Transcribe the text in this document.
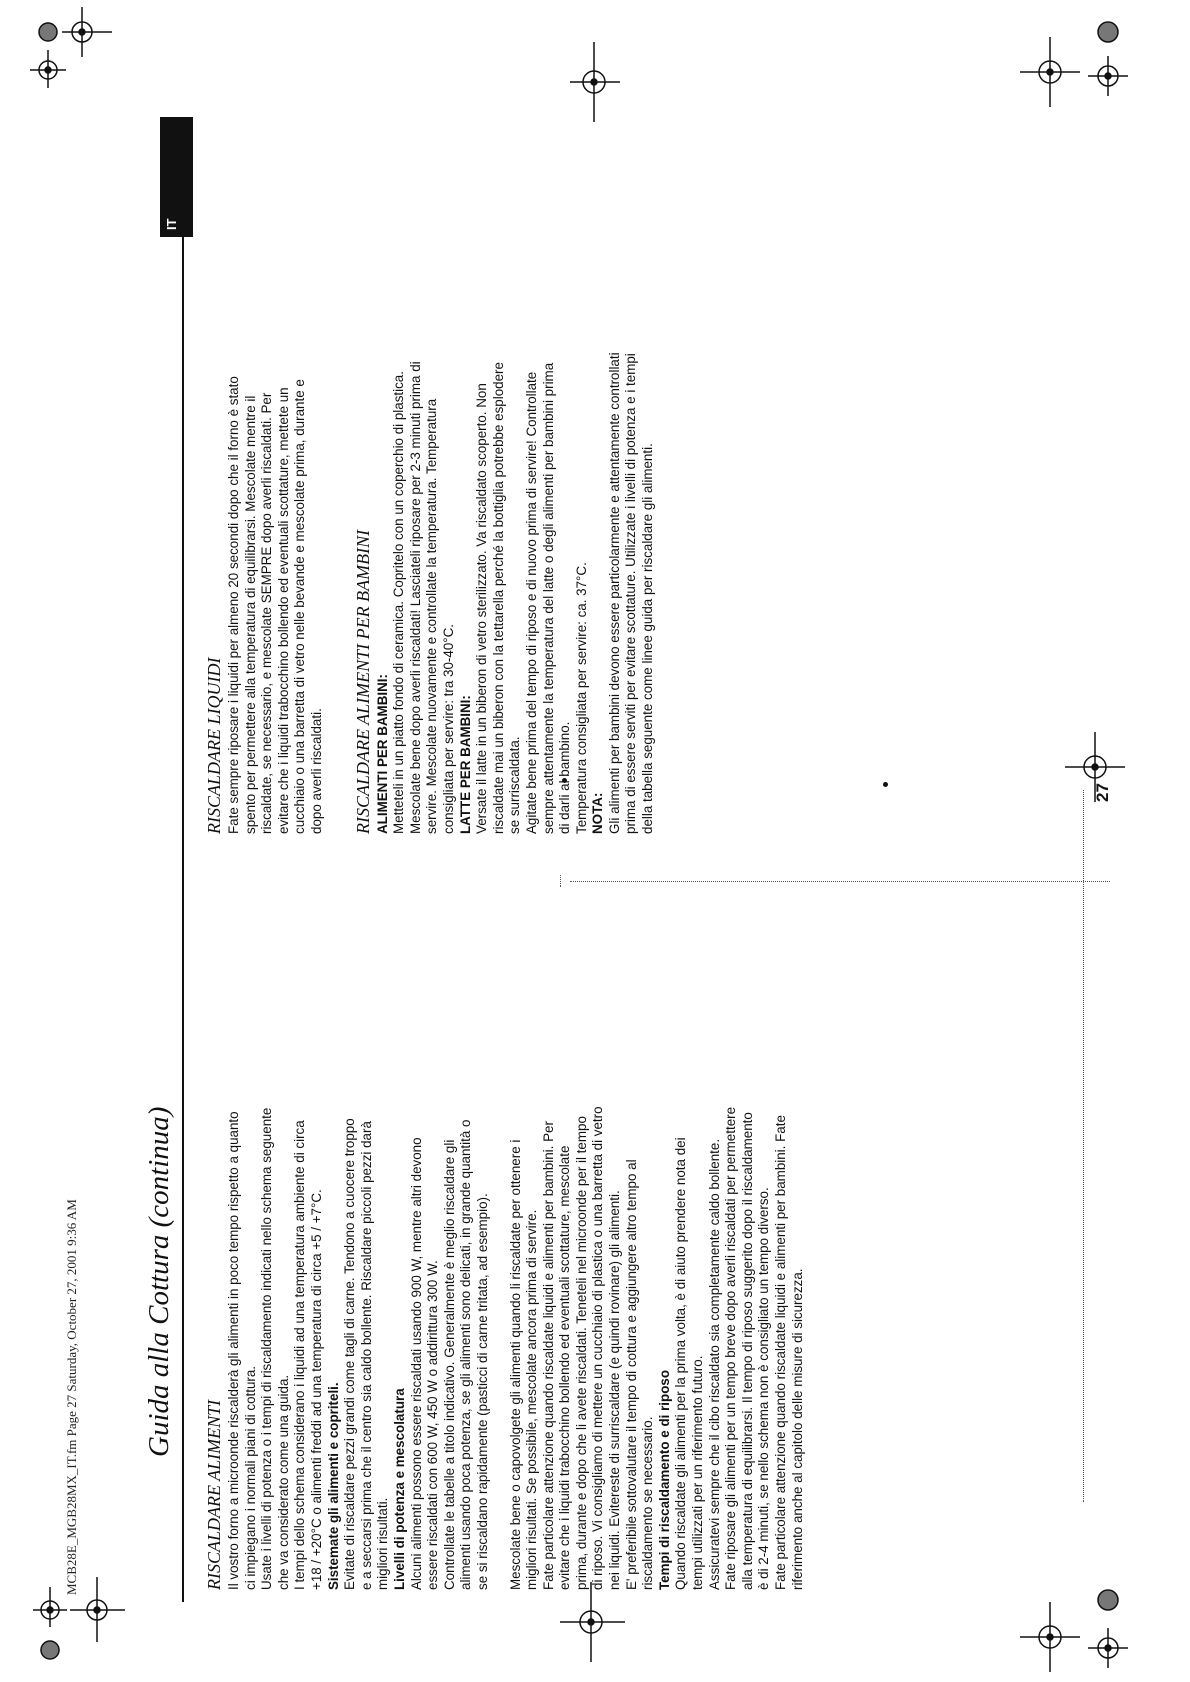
MCB28E_MGB28MX_IT.fm Page 27 Saturday, October 27, 2001 9:36 AM Guida alla Cottura (continua)
IT
RISCALDARE ALIMENTI Il vostro forno a microonde riscalderà gli alimenti in poco tempo rispetto a quanto ci impiegano i normali piani di cottura. Usate i livelli di potenza o i tempi di riscaldamento indicati nello schema seguente che va considerato come una guida. I tempi dello schema considerano i liquidi ad una temperatura ambiente di circa +18 / +20°C o alimenti freddi ad una temperatura di circa +5 / +7°C. Sistemate gli alimenti e copriteli. Evitate di riscaldare pezzi grandi come tagli di carne. Tendono a cuocere troppo e a seccarsi prima che il centro sia caldo bollente. Riscaldare piccoli pezzi darà migliori risultati. Livelli di potenza e mescolatura Alcuni alimenti possono essere riscaldati usando 900 W, mentre altri devono essere riscaldati con 600 W, 450 W o addirittura 300 W. Controllate le tabelle a titolo indicativo. Generalmente è meglio riscaldare gli alimenti usando poca potenza, se gli alimenti sono delicati, in grande quantità o se si riscaldano rapidamente (pasticci di carne tritata, ad esempio). Mescolate bene o capovolgete gli alimenti quando li riscaldate per ottenere i migliori risultati. Se possibile, mescolate ancora prima di servire. Fate particolare attenzione quando riscaldate liquidi e alimenti per bambini. Per evitare che i liquidi trabocchino bollendo ed eventuali scottature, mescolate prima, durante e dopo che li avete riscaldati. Teneteli nel microonde per il tempo di riposo. Vi consigliamo di mettere un cucchiaio di plastica o una barretta di vetro nei liquidi. Evitereste di surriscaldare (e quindi rovinare) gli alimenti. E' preferibile sottovalutare il tempo di cottura e aggiungere altro tempo al riscaldamento se necessario. Tempi di riscaldamento e di riposo Quando riscaldate gli alimenti per la prima volta, è di aiuto prendere nota dei tempi utilizzati per un riferimento futuro. Assicuratevi sempre che il cibo riscaldato sia completamente caldo bollente. Fate riposare gli alimenti per un tempo breve dopo averli riscaldati per permettere alla temperatura di equilibrarsi. Il tempo di riposo suggerito dopo il riscaldamento è di 2-4 minuti, se nello schema non è consigliato un tempo diverso. Fate particolare attenzione quando riscaldate liquidi e alimenti per bambini. Fate riferimento anche al capitolo delle misure di sicurezza.
RISCALDARE LIQUIDI Fate sempre riposare i liquidi per almeno 20 secondi dopo che il forno è stato spento per permettere alla temperatura di equilibrarsi. Mescolate mentre il riscaldate, se necessario, e mescolate SEMPRE dopo averli riscaldati. Per evitare che i liquidi trabocchino bollendo ed eventuali scottature, mettete un cucchiaio o una barretta di vetro nelle bevande e mescolate prima, durante e dopo averli riscaldati. RISCALDARE ALIMENTI PER BAMBINI ALIMENTI PER BAMBINI: Metteteli in un piatto fondo di ceramica. Copritelo con un coperchio di plastica. Mescolate bene dopo averli riscaldati! Lasciateli riposare per 2-3 minuti prima di servire. Mescolate nuovamente e controllate la temperatura. Temperatura consigliata per servire: tra 30-40°C. LATTE PER BAMBINI: Versate il latte in un biberon di vetro sterilizzato. Va riscaldato scoperto. Non riscaldate mai un biberon con la tettarella perché la bottiglia potrebbe esplodere se surriscaldata. Agitate bene prima del tempo di riposo e di nuovo prima di servire! Controllate sempre attentamente la temperatura del latte o degli alimenti per bambini prima di darli al bambino. Temperatura consigliata per servire: ca. 37°C. NOTA: Gli alimenti per bambini devono essere particolarmente e attentamente controllati prima di essere serviti per evitare scottature. Utilizzate i livelli di potenza e i tempi della tabella seguente come linee guida per riscaldare gli alimenti.	27
